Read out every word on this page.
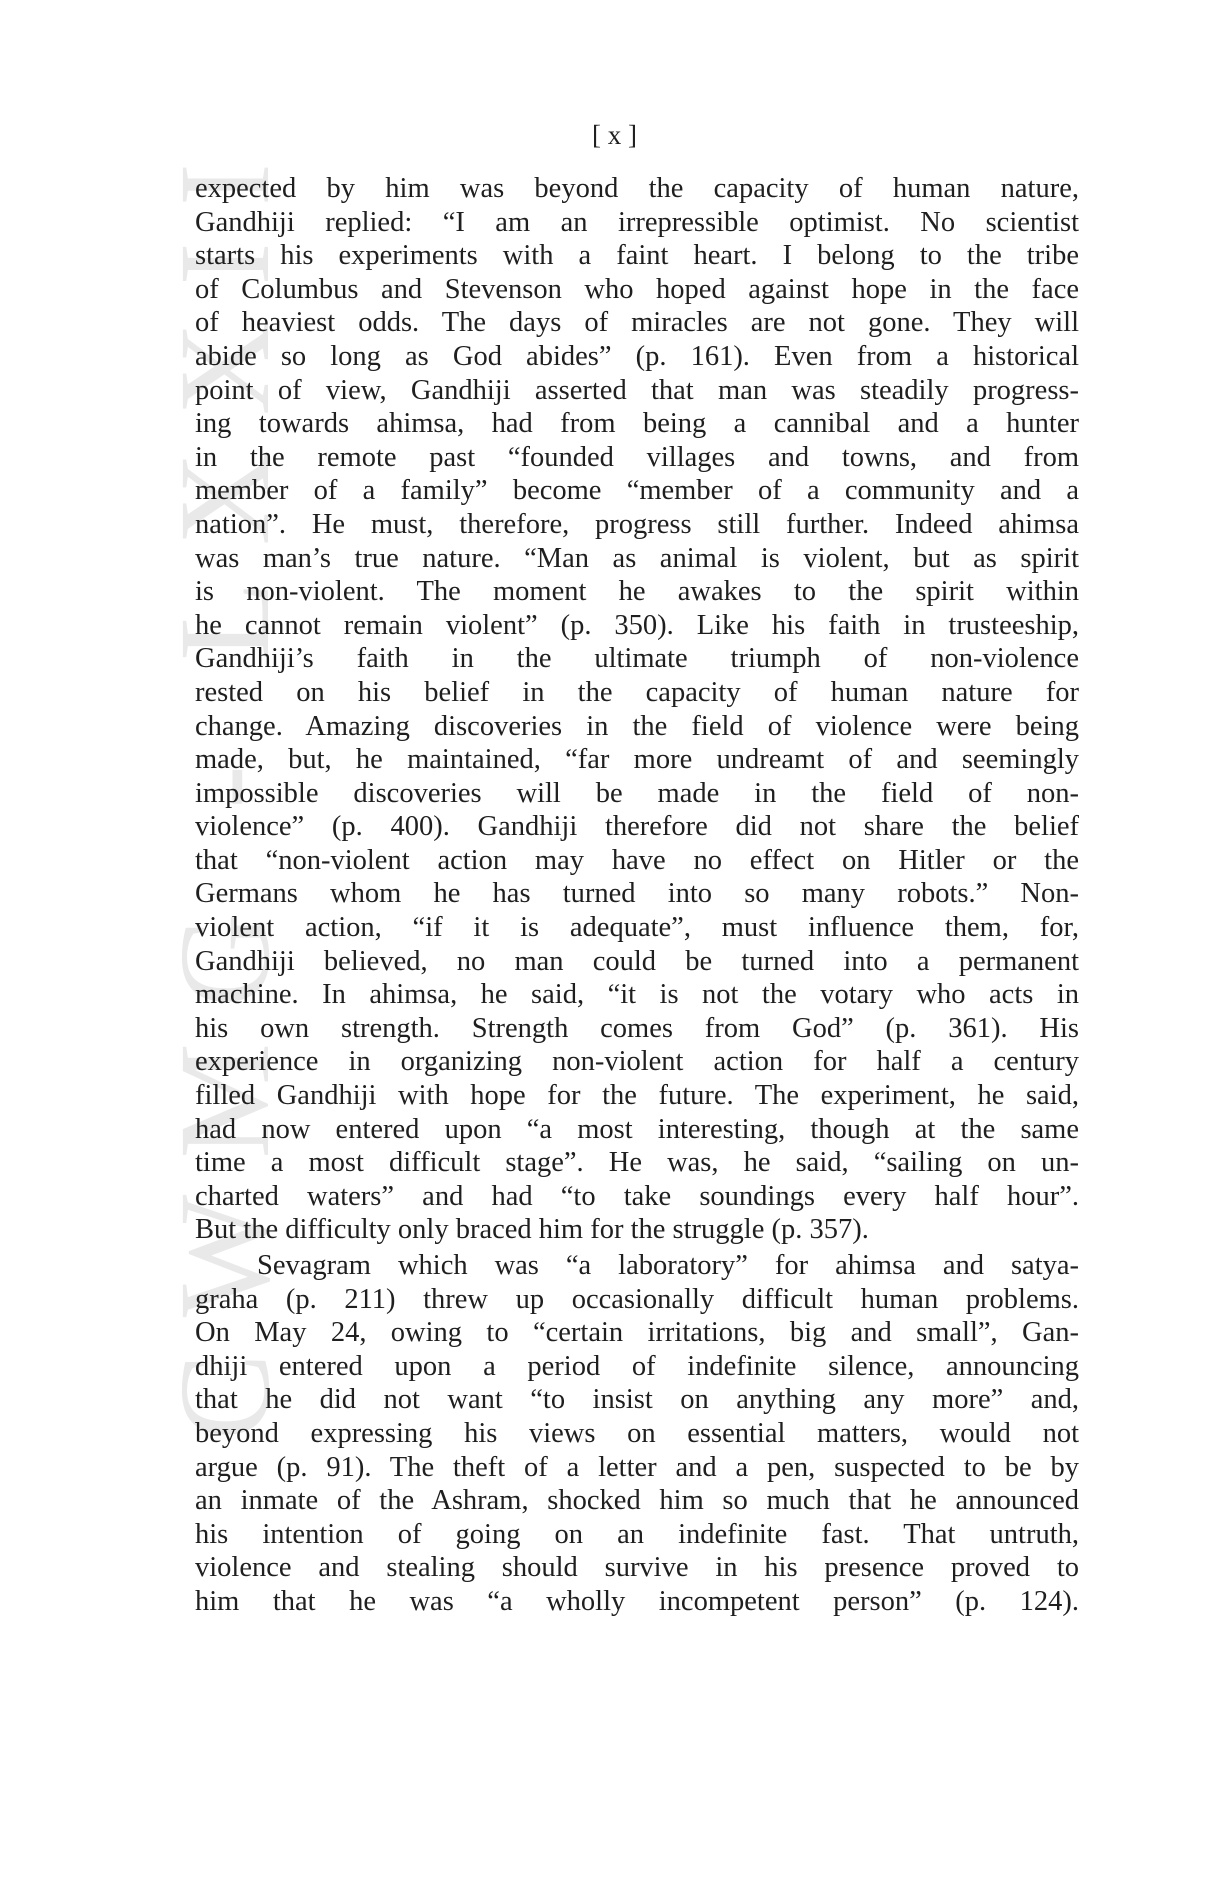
CWMG - LXXII	[ x ]
expected by him was beyond the capacity of human nature,
Gandhiji replied: “I am an irrepressible optimist. No scientist
starts his experiments with a faint heart. I belong to the tribe
of Columbus and Stevenson who hoped against hope in the face
of heaviest odds. The days of miracles are not gone. They will
abide so long as God abides” (p. 161). Even from a historical
point of view, Gandhiji asserted that man was steadily progress-
ing towards ahimsa, had from being a cannibal and a hunter
in the remote past “founded villages and towns, and from
member of a family” become “member of a community and a
nation”. He must, therefore, progress still further. Indeed ahimsa
was man’s true nature. “Man as animal is violent, but as spirit
is non-violent. The moment he awakes to the spirit within
he cannot remain violent” (p. 350). Like his faith in trusteeship,
Gandhiji’s faith in the ultimate triumph of non-violence
rested on his belief in the capacity of human nature for
change. Amazing discoveries in the field of violence were being
made, but, he maintained, “far more undreamt of and seemingly
impossible discoveries will be made in the field of non-
violence” (p. 400). Gandhiji therefore did not share the belief
that “non-violent action may have no effect on Hitler or the
Germans whom he has turned into so many robots.” Non-
violent action, “if it is adequate”, must influence them, for,
Gandhiji believed, no man could be turned into a permanent
machine. In ahimsa, he said, “it is not the votary who acts in
his own strength. Strength comes from God” (p. 361). His
experience in organizing non-violent action for half a century
filled Gandhiji with hope for the future. The experiment, he said,
had now entered upon “a most interesting, though at the same
time a most difficult stage”. He was, he said, “sailing on un-
charted waters” and had “to take soundings every half hour”.
But the difficulty only braced him for the struggle (p. 357).
Sevagram which was “a laboratory” for ahimsa and satya-
graha (p. 211) threw up occasionally difficult human problems.
On May 24, owing to “certain irritations, big and small”, Gan-
dhiji entered upon a period of indefinite silence, announcing
that he did not want “to insist on anything any more” and,
beyond expressing his views on essential matters, would not
argue (p. 91). The theft of a letter and a pen, suspected to be by
an inmate of the Ashram, shocked him so much that he announced
his intention of going on an indefinite fast. That untruth,
violence and stealing should survive in his presence proved to
him that he was “a wholly incompetent person” (p. 124).
